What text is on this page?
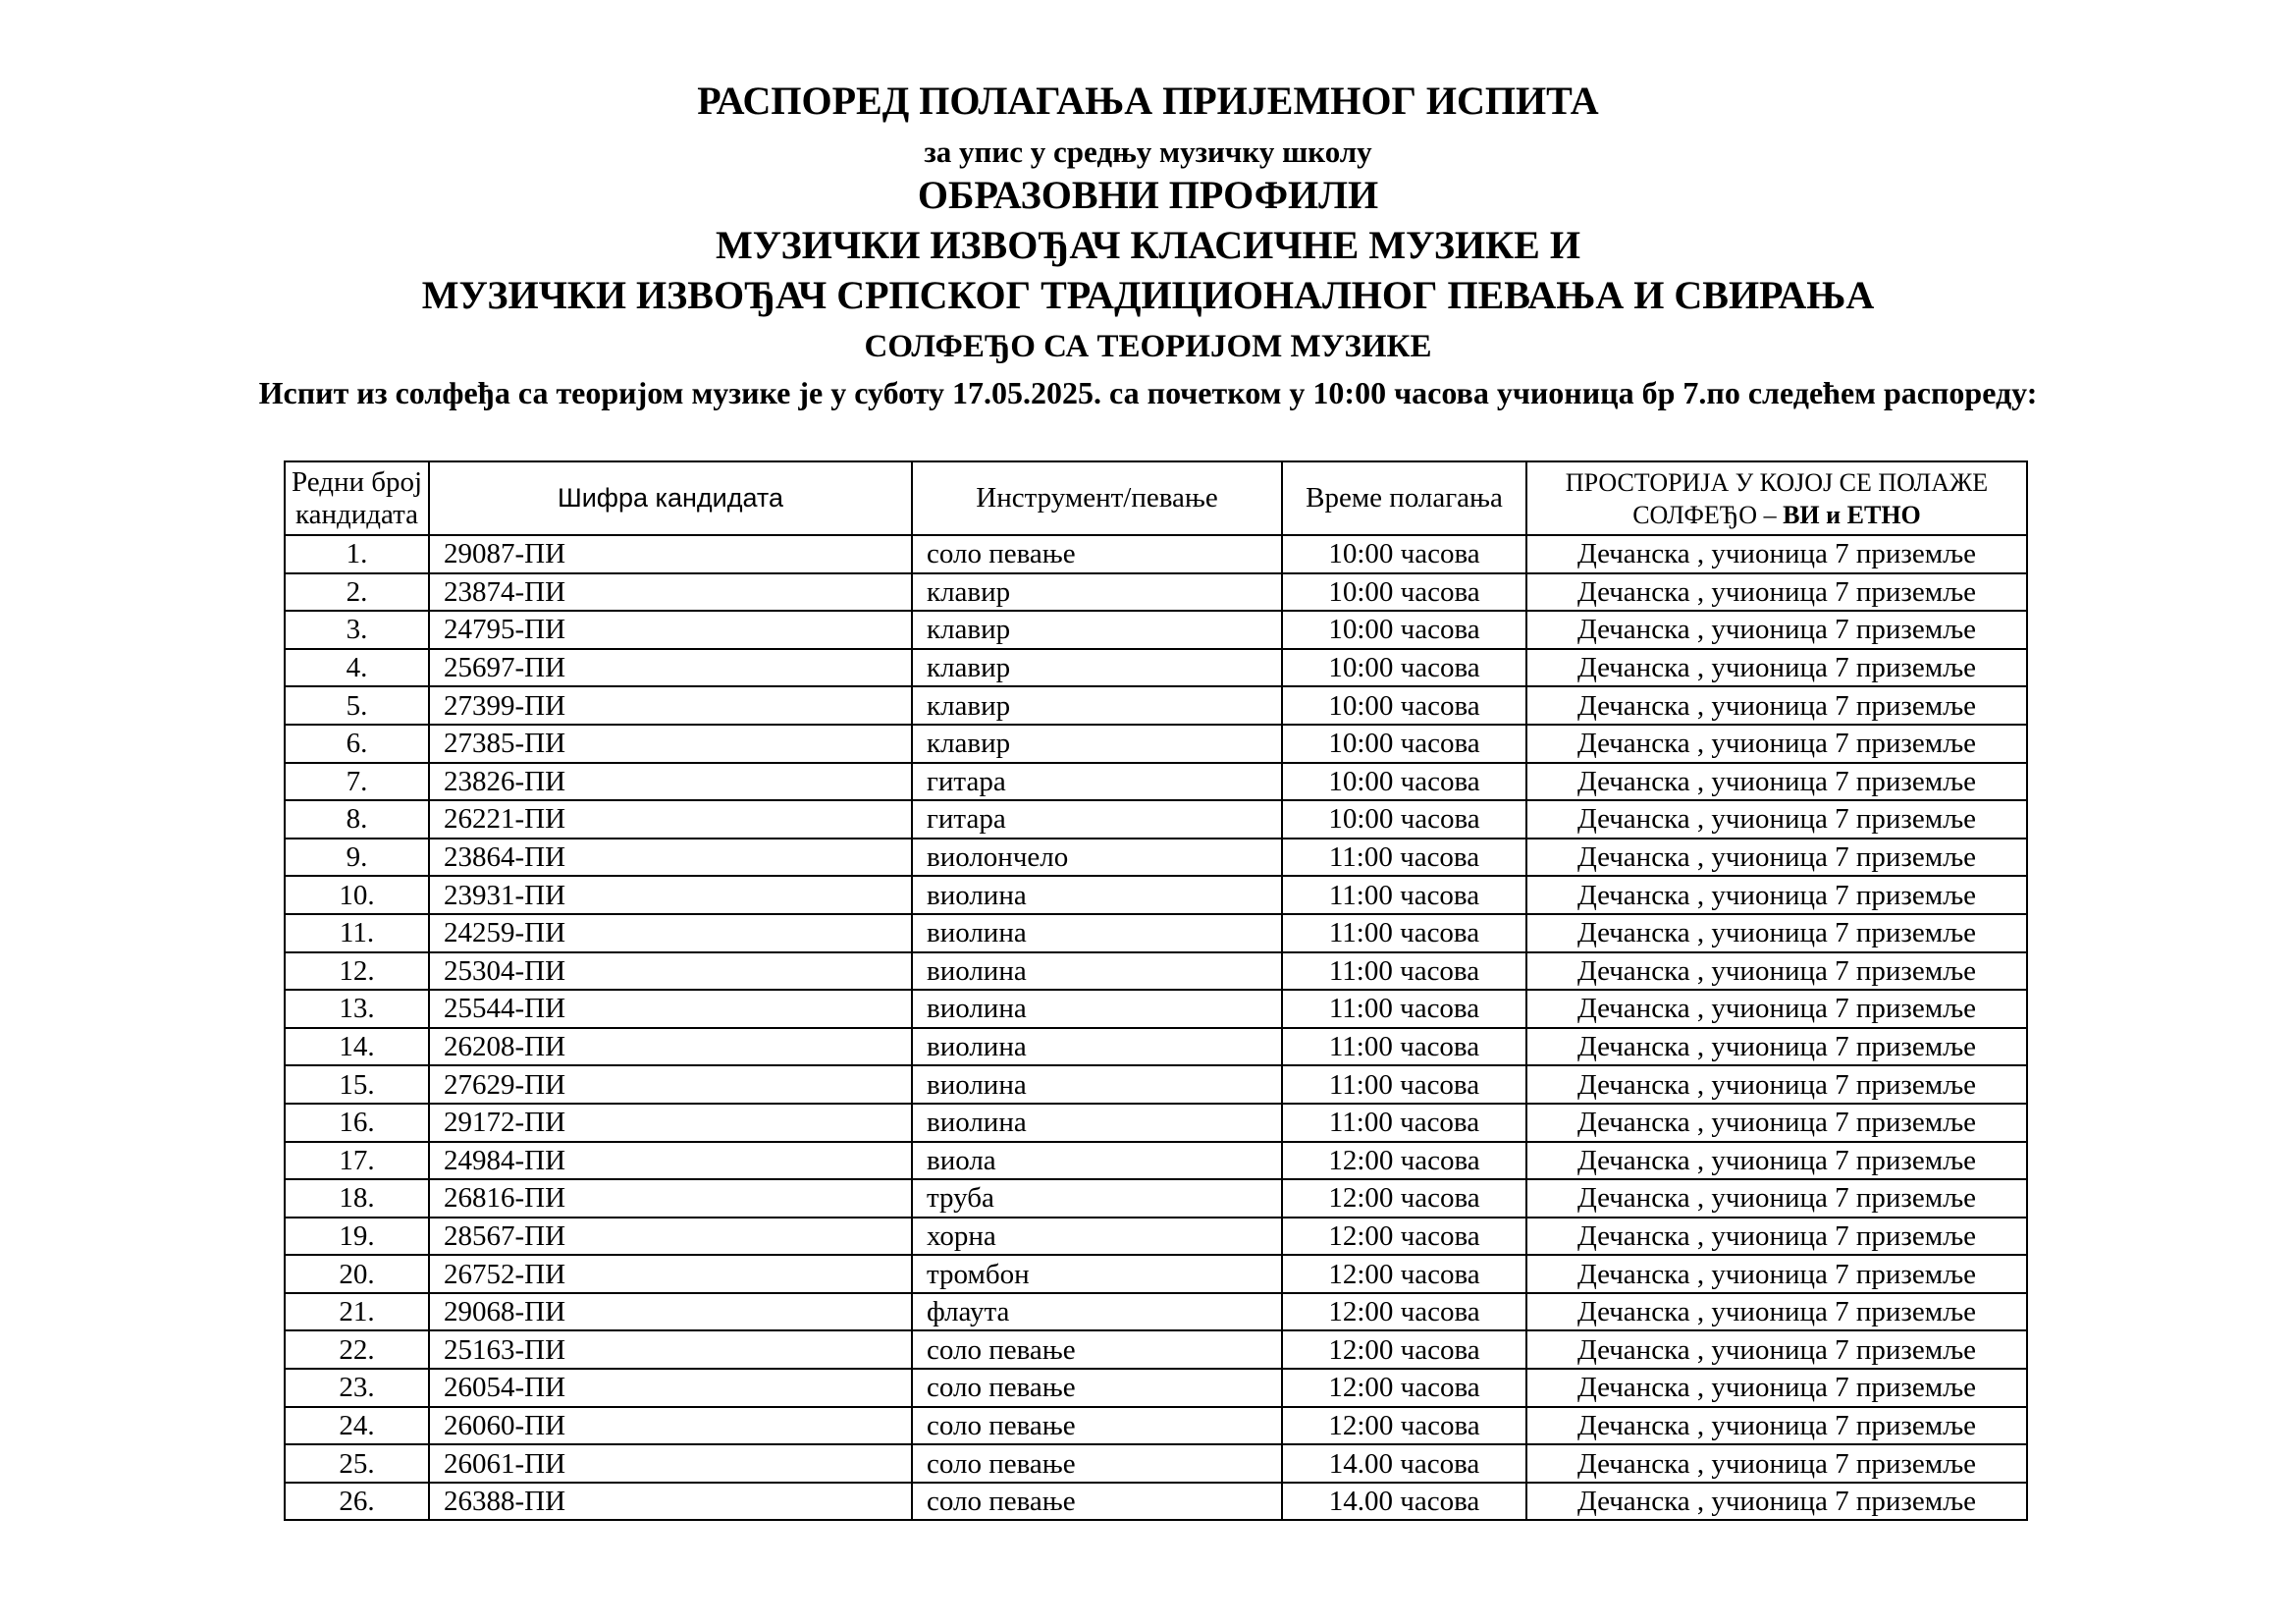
РАСПОРЕД ПОЛАГАЊА ПРИЈЕМНОГ ИСПИТА
за упис у средњу музичку школу
ОБРАЗОВНИ ПРОФИЛИ
МУЗИЧКИ ИЗВОЂАЧ КЛАСИЧНЕ МУЗИКЕ И
МУЗИЧКИ ИЗВОЂАЧ СРПСКОГ ТРАДИЦИОНАЛНОГ ПЕВАЊА И СВИРАЊА
СОЛФЕЂО СА ТЕОРИЈОМ МУЗИКЕ
Испит из солфеђа са теоријом музике је у суботу 17.05.2025. са почетком у 10:00 часова учионица бр 7.по следећем распореду:
Редни број кандидата	Шифра кандидата	Инструмент/певање	Време полагања	ПРОСТОРИЈА У КОЈОЈ СЕ ПОЛАЖЕ СОЛФЕЂО – ВИ и ЕТНО
1.	29087-ПИ	соло певање	10:00 часова	Дечанска , учионица 7 приземље
2.	23874-ПИ	клавир	10:00 часова	Дечанска , учионица 7 приземље
3.	24795-ПИ	клавир	10:00 часова	Дечанска , учионица 7 приземље
4.	25697-ПИ	клавир	10:00 часова	Дечанска , учионица 7 приземље
5.	27399-ПИ	клавир	10:00 часова	Дечанска , учионица 7 приземље
6.	27385-ПИ	клавир	10:00 часова	Дечанска , учионица 7 приземље
7.	23826-ПИ	гитара	10:00 часова	Дечанска , учионица 7 приземље
8.	26221-ПИ	гитара	10:00 часова	Дечанска , учионица 7 приземље
9.	23864-ПИ	виолончело	11:00 часова	Дечанска , учионица 7 приземље
10.	23931-ПИ	виолина	11:00 часова	Дечанска , учионица 7 приземље
11.	24259-ПИ	виолина	11:00 часова	Дечанска , учионица 7 приземље
12.	25304-ПИ	виолина	11:00 часова	Дечанска , учионица 7 приземље
13.	25544-ПИ	виолина	11:00 часова	Дечанска , учионица 7 приземље
14.	26208-ПИ	виолина	11:00 часова	Дечанска , учионица 7 приземље
15.	27629-ПИ	виолина	11:00 часова	Дечанска , учионица 7 приземље
16.	29172-ПИ	виолина	11:00 часова	Дечанска , учионица 7 приземље
17.	24984-ПИ	виола	12:00 часова	Дечанска , учионица 7 приземље
18.	26816-ПИ	труба	12:00 часова	Дечанска , учионица 7 приземље
19.	28567-ПИ	хорна	12:00 часова	Дечанска , учионица 7 приземље
20.	26752-ПИ	тромбон	12:00 часова	Дечанска , учионица 7 приземље
21.	29068-ПИ	флаута	12:00 часова	Дечанска , учионица 7 приземље
22.	25163-ПИ	соло певање	12:00 часова	Дечанска , учионица 7 приземље
23.	26054-ПИ	соло певање	12:00 часова	Дечанска , учионица 7 приземље
24.	26060-ПИ	соло певање	12:00 часова	Дечанска , учионица 7 приземље
25.	26061-ПИ	соло певање	14.00 часова	Дечанска , учионица 7 приземље
26.	26388-ПИ	соло певање	14.00 часова	Дечанска , учионица 7 приземље
